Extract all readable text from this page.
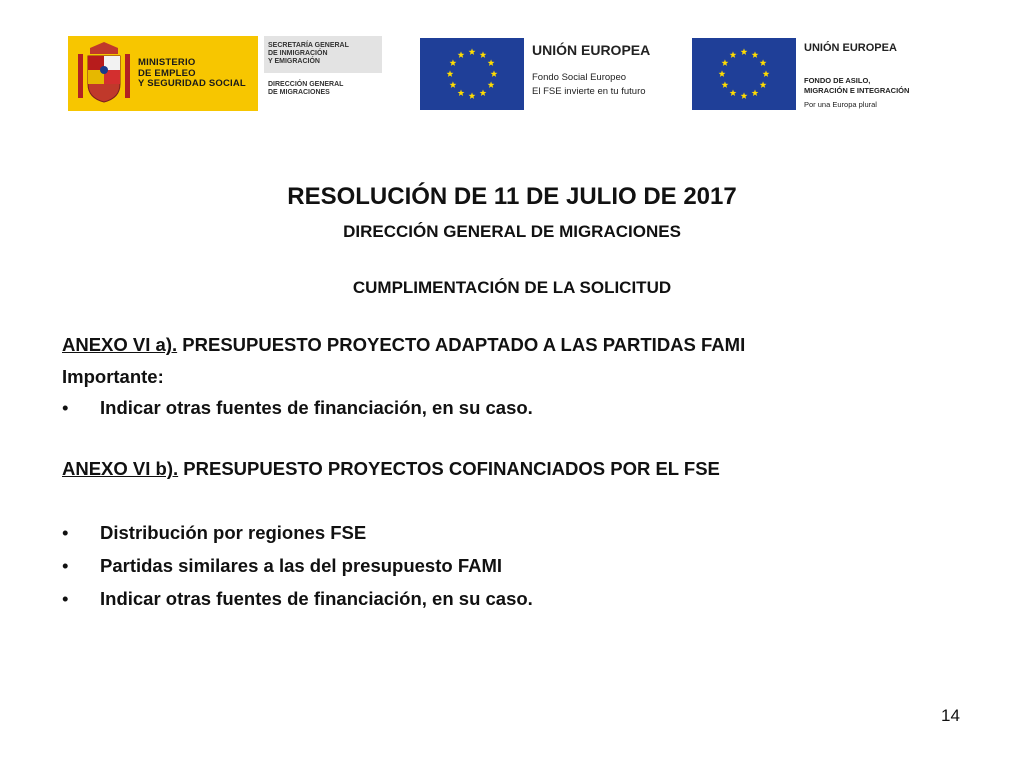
MINISTERIO
DE EMPLEO
Y SEGURIDAD SOCIAL
SECRETARÍA GENERAL
DE INMIGRACIÓN
Y EMIGRACIÓN
DIRECCIÓN GENERAL
DE MIGRACIONES
UNIÓN EUROPEA
Fondo Social Europeo
El FSE invierte en tu futuro
UNIÓN EUROPEA
FONDO DE ASILO,
MIGRACIÓN E INTEGRACIÓN
Por una Europa plural
RESOLUCIÓN DE 11 DE JULIO DE 2017
DIRECCIÓN GENERAL DE MIGRACIONES
CUMPLIMENTACIÓN DE LA SOLICITUD
ANEXO VI a). PRESUPUESTO PROYECTO ADAPTADO A LAS PARTIDAS FAMI
Importante:
• Indicar otras fuentes de financiación, en su caso.
ANEXO VI b). PRESUPUESTO PROYECTOS COFINANCIADOS POR EL FSE
• Distribución por regiones FSE
• Partidas similares a las del presupuesto FAMI
• Indicar otras fuentes de financiación, en su caso.
14
